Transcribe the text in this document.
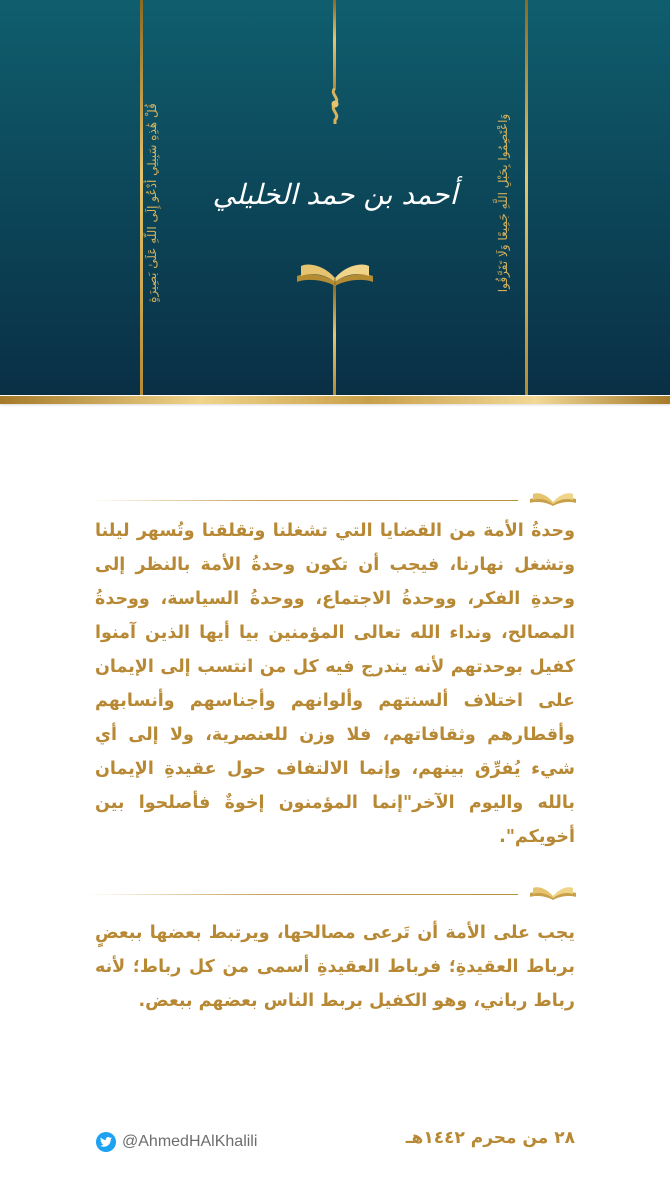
أحمد بن حمد الخليلي
قُلْ هَٰذِهِ سَبِيلِي أَدْعُو إِلَى اللَّهِ عَلَىٰ بَصِيرَةٍ	وَاعْتَصِمُوا بِحَبْلِ اللَّهِ جَمِيعًا وَلَا تَفَرَّقُوا
وحدةُ الأمة من القضايا التي تشغلنا وتقلقنا وتُسهر ليلنا وتشغل نهارنا، فيجب أن تكون وحدةُ الأمة بالنظر إلى وحدةِ الفكر، ووحدةُ الاجتماع، ووحدةُ السياسة، ووحدةُ المصالح، ونداء الله تعالى المؤمنين بيا أيها الذين آمنوا كفيل بوحدتهم لأنه يندرج فيه كل من انتسب إلى الإيمان على اختلاف ألسنتهم وألوانهم وأجناسهم وأنسابهم وأقطارهم وثقافاتهم، فلا وزن للعنصرية، ولا إلى أي شيء يُفرِّق بينهم، وإنما الالتفاف حول عقيدةِ الإيمان بالله واليوم الآخر"إنما المؤمنون إخوةٌ فأصلحوا بين أخويكم".
يجب على الأمة أن تَرعى مصالحها، ويرتبط بعضها ببعضٍ برباط العقيدةِ؛ فرباط العقيدةِ أسمى من كل رباط؛ لأنه رباط رباني، وهو الكفيل بربط الناس بعضهم ببعض.
٢٨ من محرم ١٤٤٢هـ
@AhmedHAlKhalili
